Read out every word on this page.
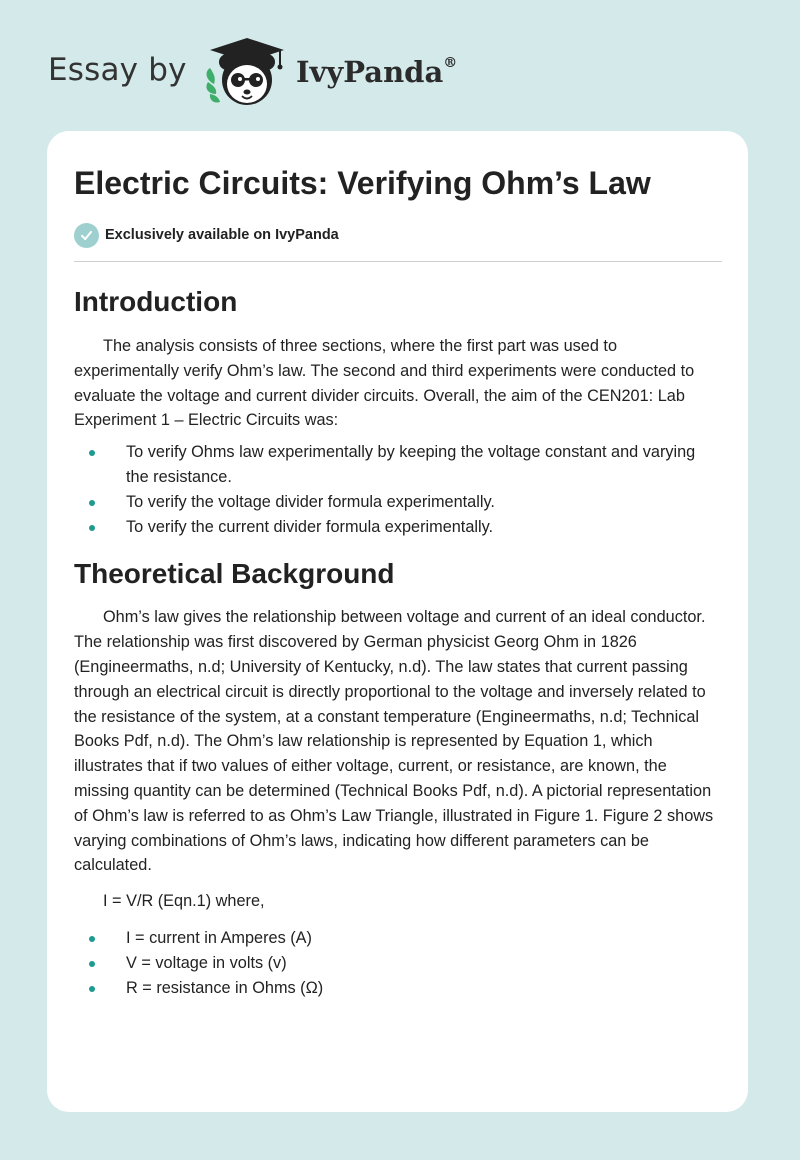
Essay by	IvyPanda®
Electric Circuits: Verifying Ohm’s Law
Exclusively available on IvyPanda
Introduction

The analysis consists of three sections, where the first part was used to experimentally verify Ohm’s law. The second and third experiments were conducted to evaluate the voltage and current divider circuits. Overall, the aim of the CEN201: Lab Experiment 1 – Electric Circuits was:

To verify Ohms law experimentally by keeping the voltage constant and varying the resistance.
To verify the voltage divider formula experimentally.
To verify the current divider formula experimentally.
Theoretical Background

Ohm’s law gives the relationship between voltage and current of an ideal conductor. The relationship was first discovered by German physicist Georg Ohm in 1826 (Engineermaths, n.d; University of Kentucky, n.d). The law states that current passing through an electrical circuit is directly proportional to the voltage and inversely related to the resistance of the system, at a constant temperature (Engineermaths, n.d; Technical Books Pdf, n.d). The Ohm’s law relationship is represented by Equation 1, which illustrates that if two values of either voltage, current, or resistance, are known, the missing quantity can be determined (Technical Books Pdf, n.d). A pictorial representation of Ohm’s law is referred to as Ohm’s Law Triangle, illustrated in Figure 1. Figure 2 shows varying combinations of Ohm’s laws, indicating how different parameters can be calculated.

I = V/R (Eqn.1) where,

I = current in Amperes (A)
V = voltage in volts (v)
R = resistance in Ohms (Ω)
